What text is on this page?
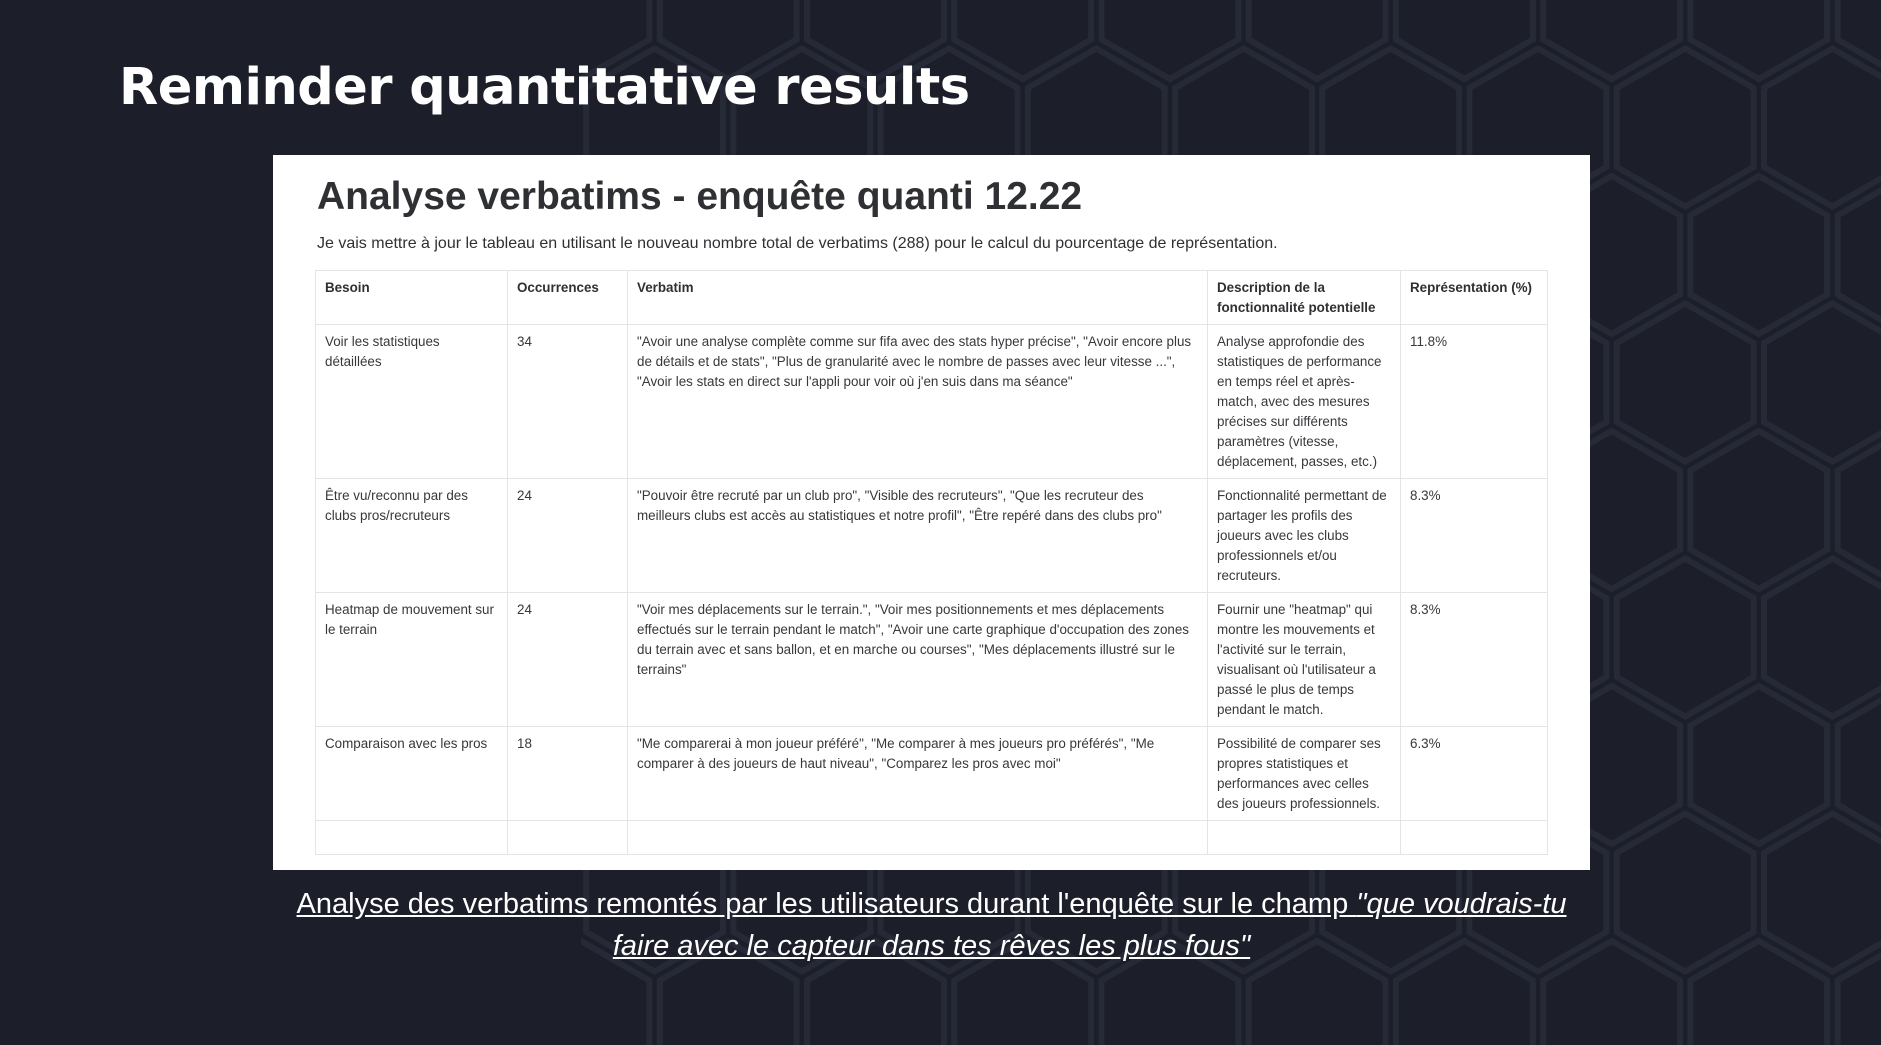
Reminder quantitative results
Analyse verbatims - enquête quanti 12.22

Je vais mettre à jour le tableau en utilisant le nouveau nombre total de verbatims (288) pour le calcul du pourcentage de représentation.

Besoin	Occurrences	Verbatim	Description de la fonctionnalité potentielle	Représentation (%)
Voir les statistiques détaillées	34	"Avoir une analyse complète comme sur fifa avec des stats hyper précise", "Avoir encore plus de détails et de stats", "Plus de granularité avec le nombre de passes avec leur vitesse ...", "Avoir les stats en direct sur l'appli pour voir où j'en suis dans ma séance"	Analyse approfondie des statistiques de performance en temps réel et après-match, avec des mesures précises sur différents paramètres (vitesse, déplacement, passes, etc.)	11.8%
Être vu/reconnu par des clubs pros/recruteurs	24	"Pouvoir être recruté par un club pro", "Visible des recruteurs", "Que les recruteur des meilleurs clubs est accès au statistiques et notre profil", "Être repéré dans des clubs pro"	Fonctionnalité permettant de partager les profils des joueurs avec les clubs professionnels et/ou recruteurs.	8.3%
Heatmap de mouvement sur le terrain	24	"Voir mes déplacements sur le terrain.", "Voir mes positionnements et mes déplacements effectués sur le terrain pendant le match", "Avoir une carte graphique d'occupation des zones du terrain avec et sans ballon, et en marche ou courses", "Mes déplacements illustré sur le terrains"	Fournir une "heatmap" qui montre les mouvements et l'activité sur le terrain, visualisant où l'utilisateur a passé le plus de temps pendant le match.	8.3%
Comparaison avec les pros	18	"Me comparerai à mon joueur préféré", "Me comparer à mes joueurs pro préférés", "Me comparer à des joueurs de haut niveau", "Comparez les pros avec moi"	Possibilité de comparer ses propres statistiques et performances avec celles des joueurs professionnels.	6.3%

Analyse des verbatims remontés par les utilisateurs durant l'enquête sur le champ "que voudrais-tu faire avec le capteur dans tes rêves les plus fous"
